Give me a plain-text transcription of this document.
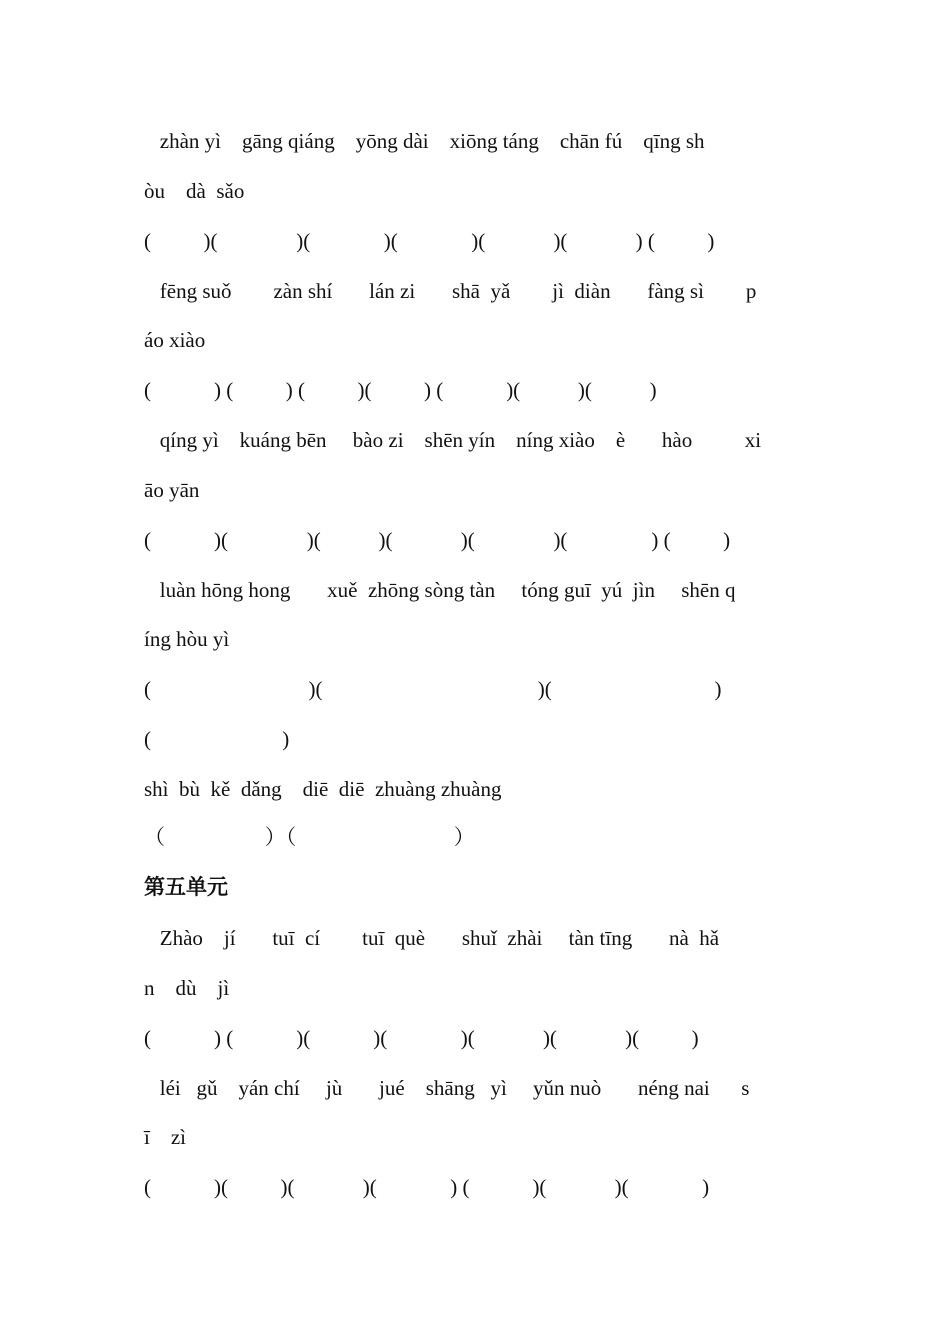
zhàn yì    gāng qiáng    yōng dài    xiōng táng    chān fú    qīng sh
òu    dà  sǎo
(          )(               )(              )(              )(             )(             ) (          )
fēng suǒ        zàn shí       lán zi       shā  yǎ        jì  diàn       fàng sì        p
áo xiào
(            ) (          ) (          )(          ) (            )(           )(           )
qíng yì    kuáng bēn     bào zi    shēn yín    níng xiào    è       hào          xi
āo yān
(            )(               )(           )(             )(               )(                ) (          )
luàn hōng hong       xuě  zhōng sòng tàn     tóng guī  yú  jìn     shēn q
íng hòu yì
(                              )(                                         )(                               )
(                         )
shì  bù  kě  dǎng    diē  diē  zhuàng zhuàng
（                   ）（                              ）
第五单元
Zhào    jí       tuī  cí        tuī  què       shuǐ  zhài     tàn tīng       nà  hǎ
n    dù    jì
(            ) (            )(            )(              )(             )(             )(          )
léi   gǔ    yán chí     jù       jué    shāng   yì     yǔn nuò       néng nai      s
ī    zì
(            )(          )(             )(              ) (            )(             )(              )
